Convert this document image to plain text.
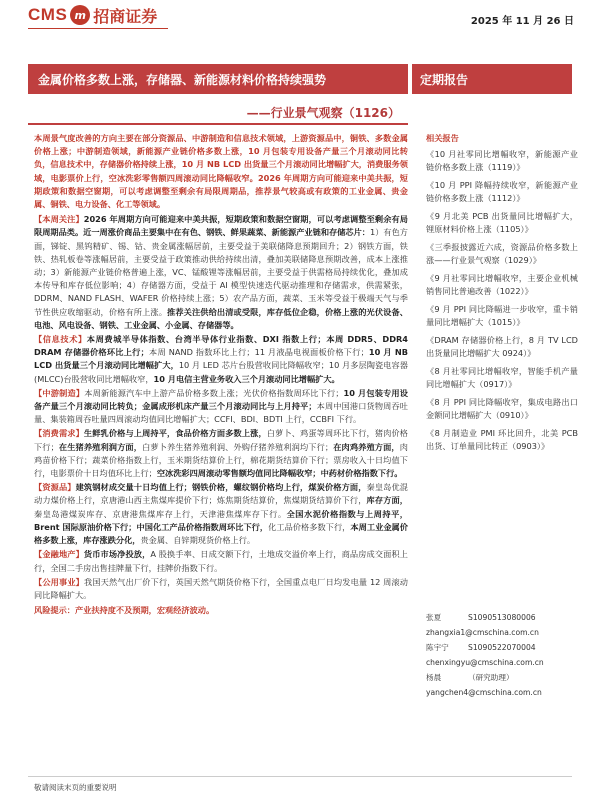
CMS m 招商证券	2025 年 11 月 26 日
金属价格多数上涨，存储器、新能源材料价格持续强势	定期报告
——行业景气观察（1126）
本周景气度改善的方向主要在部分资源品、中游制造和信息技术领域，上游资源品中，铜铁、多数金属价格上涨；中游制造领域，新能源产业链价格多数上涨，10 月包装专用设备产量三个月滚动同比转负，信息技术中，存储器价格持续上涨，10 月 NB LCD 出货量三个月滚动同比增幅扩大，消费服务领域，电影票价上行，空冰洗彩零售额四周滚动同比降幅收窄。2026 年周期方向可能迎来中美共振，短期政策和数据空窗期，可以考虑调整至剩余有局限周期品，推荐景气较高或有政策的工业金属、贵金属、铜铁、电力设备、化工等领域。
【本周关注】2026 年周期方向可能迎来中美共振，短期政策和数据空窗期，可以考虑调整至剩余有局限周期品类。近一周涨价商品主要集中在有色、钢铁、鲜果蔬菜、新能源产业链和存储芯片：1）有色方面，锑锭、黑钨精矿、锡、钴、贵金属涨幅居前，主要受益于美联储降息预期回升；2）钢铁方面，铁铁、热轧板卷等涨幅居前，主要受益于政策推动供给持续出清，叠加美联储降息预期改善，成本上涨推动；3）新能源产业链价格普遍上涨，VC、锰酸锂等涨幅居前，主要受益于供需格局持续优化，叠加成本传导和库存低位影响；4）存储器方面，受益于 AI 模型快速迭代驱动推理和存储需求，供需紧张，DDRM、NAND FLASH、WAFER 价格持续上涨；5）农产品方面，蔬菜、玉米等受益于极端天气与季节性供应收缩驱动，价格有所上涨。推荐关注供给出清或受限，库存低位企稳，价格上涨的光伏设备、电池、风电设备、钢铁、工业金属、小金属、存储器等。
【信息技术】本周费城半导体指数、台湾半导体行业指数、DXI 指数上行；本周 DDR5、DDR4 DRAM 存储器价格环比上行；本周 NAND 指数环比上行；11 月液晶电视面板价格下行；10 月 NB LCD 出货量三个月滚动同比增幅扩大，10 月 LED 芯片台股营收同比降幅收窄；10 月多层陶瓷电容器(MLCC)台股营收同比增幅收窄，10 月电信主营业务收入三个月滚动同比增幅扩大。
【中游制造】本周新能源汽车中上游产品价格多数上涨；光伏价格指数周环比下行；10 月包装专用设备产量三个月滚动同比转负；金属成形机床产量三个月滚动同比与上月持平；本周中国港口货物周吞吐量、集装箱周吞吐量四周滚动均值同比增幅扩大；CCFI、BDI、BDTI 上行，CCBFI 下行。
【消费需求】生鲜乳价格与上周持平，食品价格方面多数上涨，白萝卜、鸡蛋等周环比下行，猪肉价格下行；在生猪养殖利润方面，白萝卜养生猪养殖利润、外购仔猪养殖利润均下行；在肉鸡养殖方面，肉鸡苗价格下行；蔬菜价格指数上行，玉米期货结算价上行，棉花期货结算价下行；票房收入十日均值下行，电影票价十日均值环比上行；空冰洗彩四周滚动零售额均值同比降幅收窄；中药材价格指数下行。
【资源品】建筑钢材成交量十日均值上行；钢铁价格，螺纹钢价格均上行，煤炭价格方面，秦皇岛优混动力煤价格上行，京唐港山西主焦煤库提价下行；炼焦期货结算价，焦煤期货结算价下行，库存方面，秦皇岛港煤炭库存、京唐港焦煤库存上行，天津港焦煤库存下行。全国水泥价格指数与上周持平，Brent 国际原油价格下行；中国化工产品价格指数周环比下行，化工品价格多数下行，本周工业金属价格多数上涨，库存涨跌分化，贵金属、自锌期现货价格上行。
【金融地产】货币市场净投放，A 股换手率、日成交额下行，土地成交溢价率上行，商品房成交面积上行，全国二手房出售挂牌量下行，挂牌价指数下行。
【公用事业】我国天然气出厂价下行，英国天然气期货价格下行，全国重点电厂日均发电量 12 周滚动同比降幅扩大。
风险提示：产业扶持度不及预期，宏观经济波动。
相关报告
《10 月社零同比增幅收窄，新能源产业链价格多数上涨（1119）》
《10 月 PPI 降幅持续收窄，新能源产业链价格多数上涨（1112）》
《9 月北美 PCB 出货量同比增幅扩大，锂原材料价格上涨（1105）》
《三季报披露近六成，资源品价格多数上涨——行业景气观察（1029）》
《9 月社零同比增幅收窄，主要企业机械销售同比普遍改善（1022）》
《9 月 PPI 同比降幅进一步收窄，重卡销量同比增幅扩大（1015）》
《DRAM 存储器价格上行，8 月 TV LCD 出货量同比增幅扩大 0924）》
《8 月社零同比增幅收窄，智能手机产量同比增幅扩大（0917）》
《8 月 PPI 同比降幅收窄，集成电路出口金额同比增幅扩大（0910）》
《8 月制造业 PMI 环比回升，北美 PCB 出货、订单量同比转正（0903）》
张夏	S1090513080006
zhangxia1@cmschina.com.cn
陈宇宁	S1090522070004
chenxingyu@cmschina.com.cn
杨晨	（研究助理）
yangchen4@cmschina.com.cn
敬请阅读末页的重要说明
